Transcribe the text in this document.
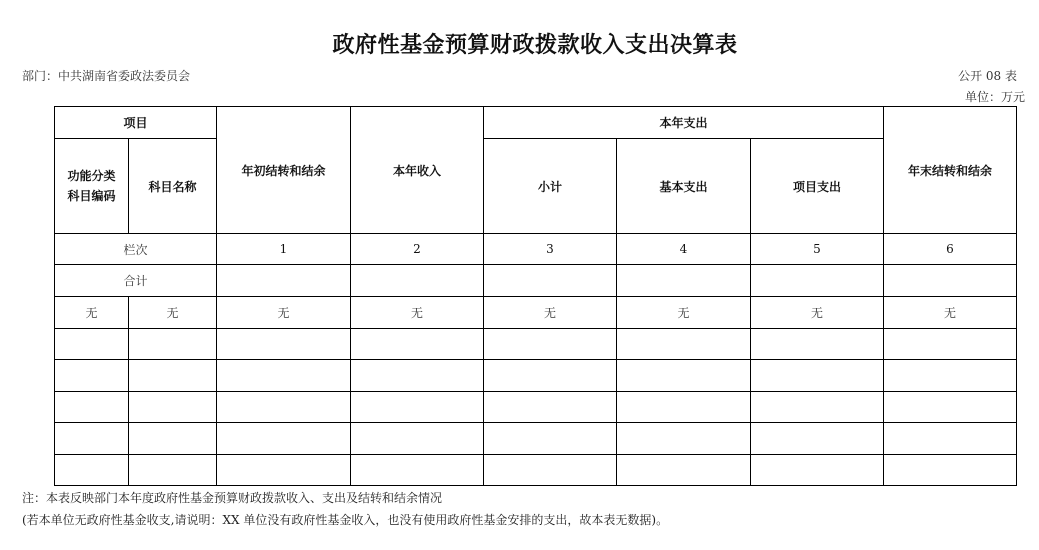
政府性基金预算财政拨款收入支出决算表
部门：中共湖南省委政法委员会	公开 08 表
单位：万元
项目		年初结转和结余	本年收入	本年支出			年末结转和结余
功能分类
科目编码	科目名称			小计	基本支出	项目支出	
栏次		1	2	3	4	5	6
合计							
无	无	无	无	无	无	无	无

注：本表反映部门本年度政府性基金预算财政拨款收入、支出及结转和结余情况
(若本单位无政府性基金收支,请说明：XX 单位没有政府性基金收入，也没有使用政府性基金安排的支出，故本表无数据)。
